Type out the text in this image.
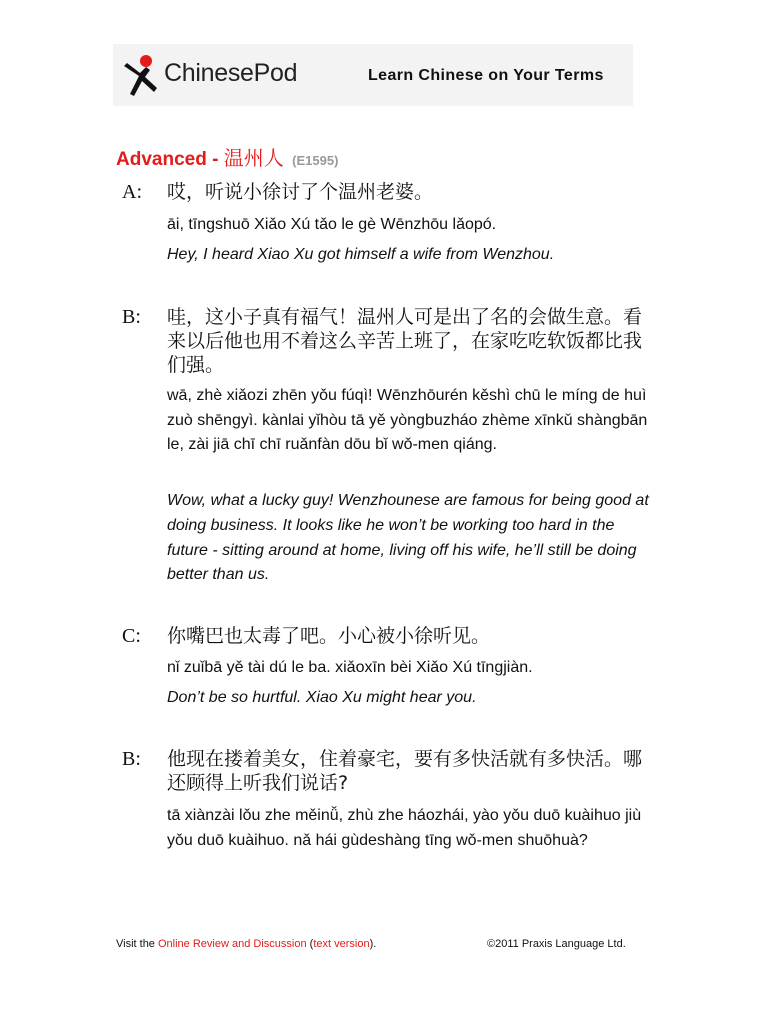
ChinesePod	Learn Chinese on Your Terms
Advanced - 温州人 (E1595)
A: 哎，听说小徐讨了个温州老婆。
āi, tīngshuō Xiǎo Xú tǎo le gè Wēnzhōu lǎopó.
Hey, I heard Xiao Xu got himself a wife from Wenzhou.
B: 哇，这小子真有福气！温州人可是出了名的会做生意。看来以后他也用不着这么辛苦上班了，在家吃吃软饭都比我们强。
wā, zhè xiǎozi zhēn yǒu fúqì! Wēnzhōurén kěshì chū le míng de huì zuò shēngyì. kànlai yǐhòu tā yě yòngbuzháo zhème xīnkǔ shàngbān le, zài jiā chī chī ruǎnfàn dōu bǐ wǒ-men qiáng.
Wow, what a lucky guy! Wenzhounese are famous for being good at doing business. It looks like he won’t be working too hard in the future - sitting around at home, living off his wife, he’ll still be doing better than us.
C: 你嘴巴也太毒了吧。小心被小徐听见。
nǐ zuǐbā yě tài dú le ba. xiǎoxīn bèi Xiǎo Xú tīngjiàn.
Don’t be so hurtful. Xiao Xu might hear you.
B: 他现在搂着美女，住着豪宅，要有多快活就有多快活。哪还顾得上听我们说话?
tā xiànzài lǒu zhe měinǚ, zhù zhe háozhái, yào yǒu duō kuàihuo jiù yǒu duō kuàihuo. nǎ hái gùdeshàng tīng wǒ-men shuōhuà?
Visit the Online Review and Discussion (text version).	©2011 Praxis Language Ltd.
